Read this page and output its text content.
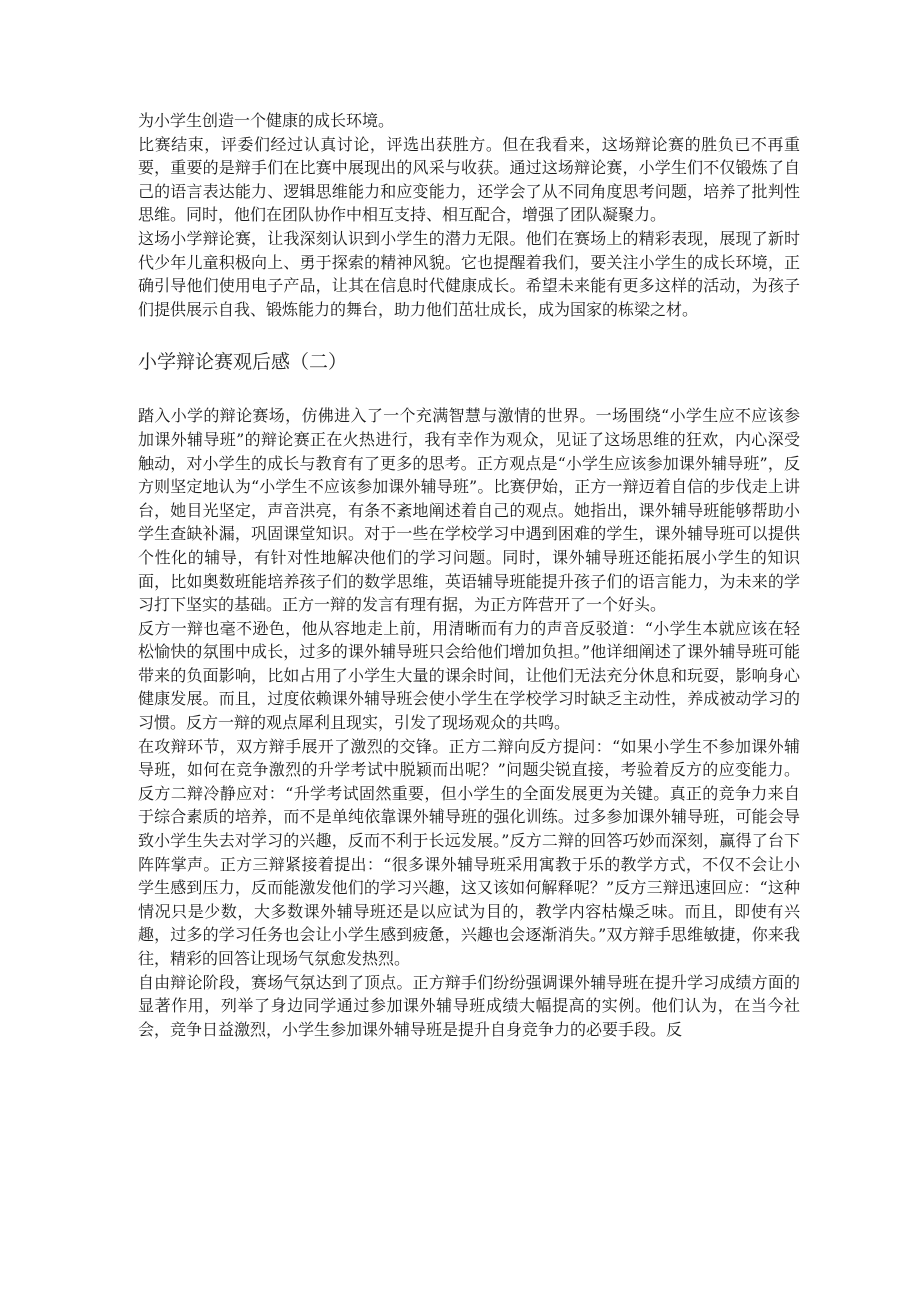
为小学生创造一个健康的成长环境。

比赛结束，评委们经过认真讨论，评选出获胜方。但在我看来，这场辩论赛的胜负已不再重要，重要的是辩手们在比赛中展现出的风采与收获。通过这场辩论赛，小学生们不仅锻炼了自己的语言表达能力、逻辑思维能力和应变能力，还学会了从不同角度思考问题，培养了批判性思维。同时，他们在团队协作中相互支持、相互配合，增强了团队凝聚力。

这场小学辩论赛，让我深刻认识到小学生的潜力无限。他们在赛场上的精彩表现，展现了新时代少年儿童积极向上、勇于探索的精神风貌。它也提醒着我们，要关注小学生的成长环境，正确引导他们使用电子产品，让其在信息时代健康成长。希望未来能有更多这样的活动，为孩子们提供展示自我、锻炼能力的舞台，助力他们茁壮成长，成为国家的栋梁之材。

小学辩论赛观后感（二）

踏入小学的辩论赛场，仿佛进入了一个充满智慧与激情的世界。一场围绕“小学生应不应该参加课外辅导班”的辩论赛正在火热进行，我有幸作为观众，见证了这场思维的狂欢，内心深受触动，对小学生的成长与教育有了更多的思考。正方观点是“小学生应该参加课外辅导班”，反方则坚定地认为“小学生不应该参加课外辅导班”。比赛伊始，正方一辩迈着自信的步伐走上讲台，她目光坚定，声音洪亮，有条不紊地阐述着自己的观点。她指出，课外辅导班能够帮助小学生查缺补漏，巩固课堂知识。对于一些在学校学习中遇到困难的学生，课外辅导班可以提供个性化的辅导，有针对性地解决他们的学习问题。同时，课外辅导班还能拓展小学生的知识面，比如奥数班能培养孩子们的数学思维，英语辅导班能提升孩子们的语言能力，为未来的学习打下坚实的基础。正方一辩的发言有理有据，为正方阵营开了一个好头。

反方一辩也毫不逊色，他从容地走上前，用清晰而有力的声音反驳道：“小学生本就应该在轻松愉快的氛围中成长，过多的课外辅导班只会给他们增加负担。”他详细阐述了课外辅导班可能带来的负面影响，比如占用了小学生大量的课余时间，让他们无法充分休息和玩耍，影响身心健康发展。而且，过度依赖课外辅导班会使小学生在学校学习时缺乏主动性，养成被动学习的习惯。反方一辩的观点犀利且现实，引发了现场观众的共鸣。

在攻辩环节，双方辩手展开了激烈的交锋。正方二辩向反方提问：“如果小学生不参加课外辅导班，如何在竞争激烈的升学考试中脱颖而出呢？”问题尖锐直接，考验着反方的应变能力。反方二辩冷静应对：“升学考试固然重要，但小学生的全面发展更为关键。真正的竞争力来自于综合素质的培养，而不是单纯依靠课外辅导班的强化训练。过多参加课外辅导班，可能会导致小学生失去对学习的兴趣，反而不利于长远发展。”反方二辩的回答巧妙而深刻，赢得了台下阵阵掌声。正方三辩紧接着提出：“很多课外辅导班采用寓教于乐的教学方式，不仅不会让小学生感到压力，反而能激发他们的学习兴趣，这又该如何解释呢？”反方三辩迅速回应：“这种情况只是少数，大多数课外辅导班还是以应试为目的，教学内容枯燥乏味。而且，即使有兴趣，过多的学习任务也会让小学生感到疲惫，兴趣也会逐渐消失。”双方辩手思维敏捷，你来我往，精彩的回答让现场气氛愈发热烈。

自由辩论阶段，赛场气氛达到了顶点。正方辩手们纷纷强调课外辅导班在提升学习成绩方面的显著作用，列举了身边同学通过参加课外辅导班成绩大幅提高的实例。他们认为，在当今社会，竞争日益激烈，小学生参加课外辅导班是提升自身竞争力的必要手段。反
